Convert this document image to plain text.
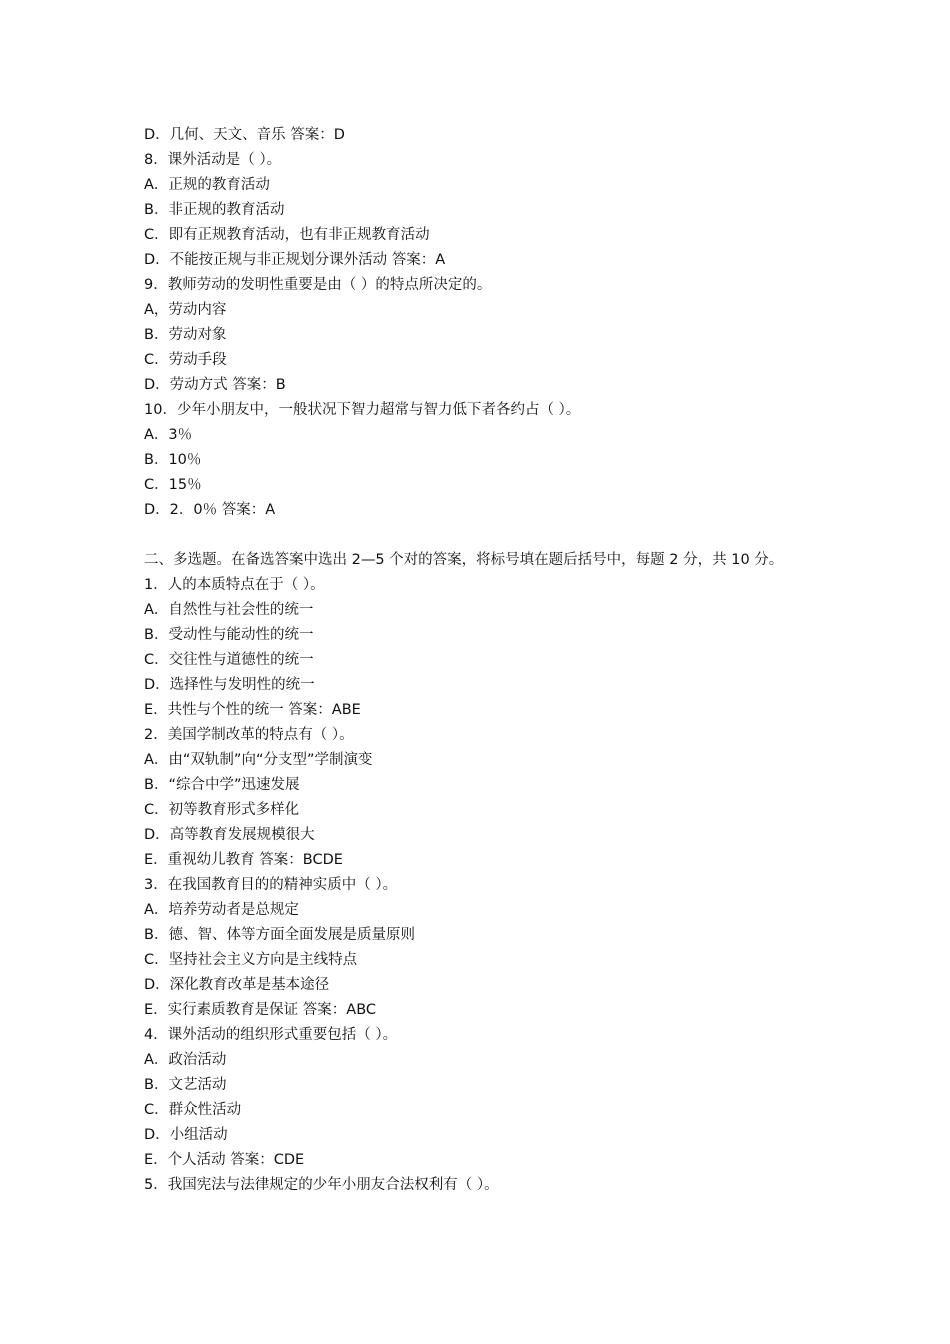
D．几何、天文、音乐 答案：D
8．课外活动是（ ）。
A．正规的教育活动
B．非正规的教育活动
C．即有正规教育活动，也有非正规教育活动
D．不能按正规与非正规划分课外活动 答案：A
9．教师劳动的发明性重要是由（ ）的特点所决定的。
A，劳动内容
B．劳动对象
C．劳动手段
D．劳动方式 答案：B
10．少年小朋友中，一般状况下智力超常与智力低下者各约占（ ）。
A．3％
B．10％
C．15％
D．2．0％ 答案：A
二、多选题。在备选答案中选出 2—5 个对的答案，将标号填在题后括号中，每题 2 分，共 10 分。
1．人的本质特点在于（ ）。
A．自然性与社会性的统一
B．受动性与能动性的统一
C．交往性与道德性的统一
D．选择性与发明性的统一
E．共性与个性的统一 答案：ABE
2．美国学制改革的特点有（ ）。
A．由“双轨制”向“分支型”学制演变
B．“综合中学”迅速发展
C．初等教育形式多样化
D．高等教育发展规模很大
E．重视幼儿教育 答案：BCDE
3．在我国教育目的的精神实质中（ ）。
A．培养劳动者是总规定
B．德、智、体等方面全面发展是质量原则
C．坚持社会主义方向是主线特点
D．深化教育改革是基本途径
E．实行素质教育是保证 答案：ABC
4．课外活动的组织形式重要包括（ ）。
A．政治活动
B．文艺活动
C．群众性活动
D．小组活动
E．个人活动 答案：CDE
5．我国宪法与法律规定的少年小朋友合法权利有（ ）。
